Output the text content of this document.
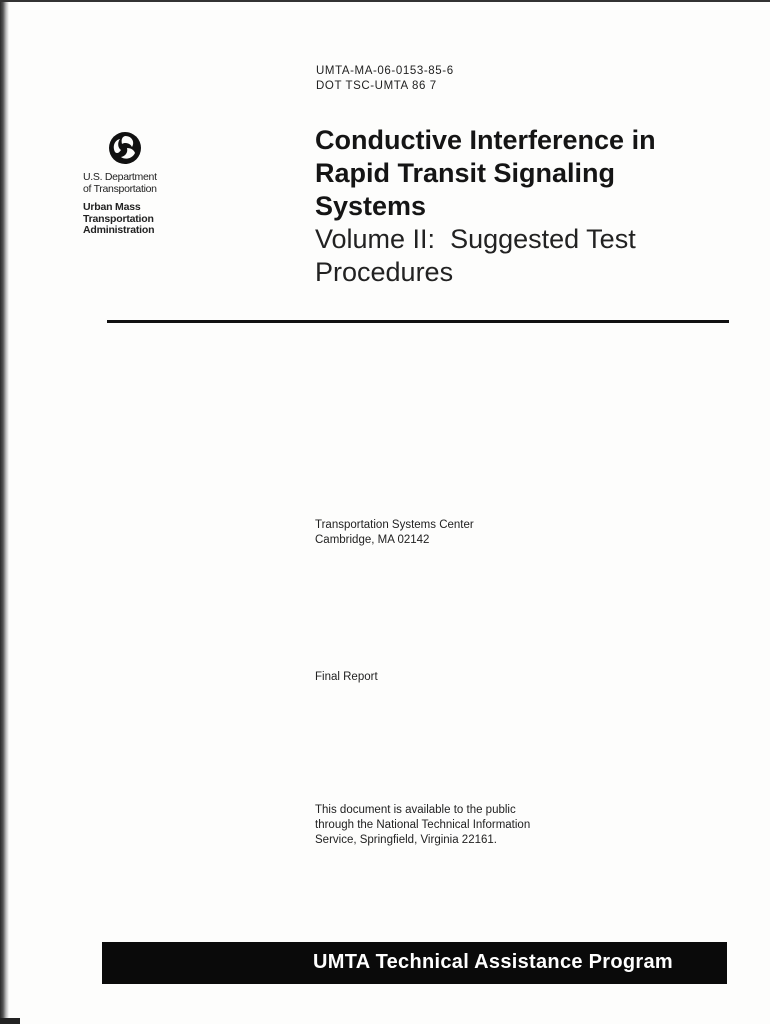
UMTA-MA-06-0153-85-6
DOT TSC-UMTA 86 7
U.S. Department
of Transportation
Urban Mass
Transportation
Administration
Conductive Interference in
Rapid Transit Signaling
Systems
Volume II:  Suggested Test
Procedures
Transportation Systems Center
Cambridge, MA 02142
Final Report
This document is available to the public
through the National Technical Information
Service, Springfield, Virginia 22161.
UMTA Technical Assistance Program
